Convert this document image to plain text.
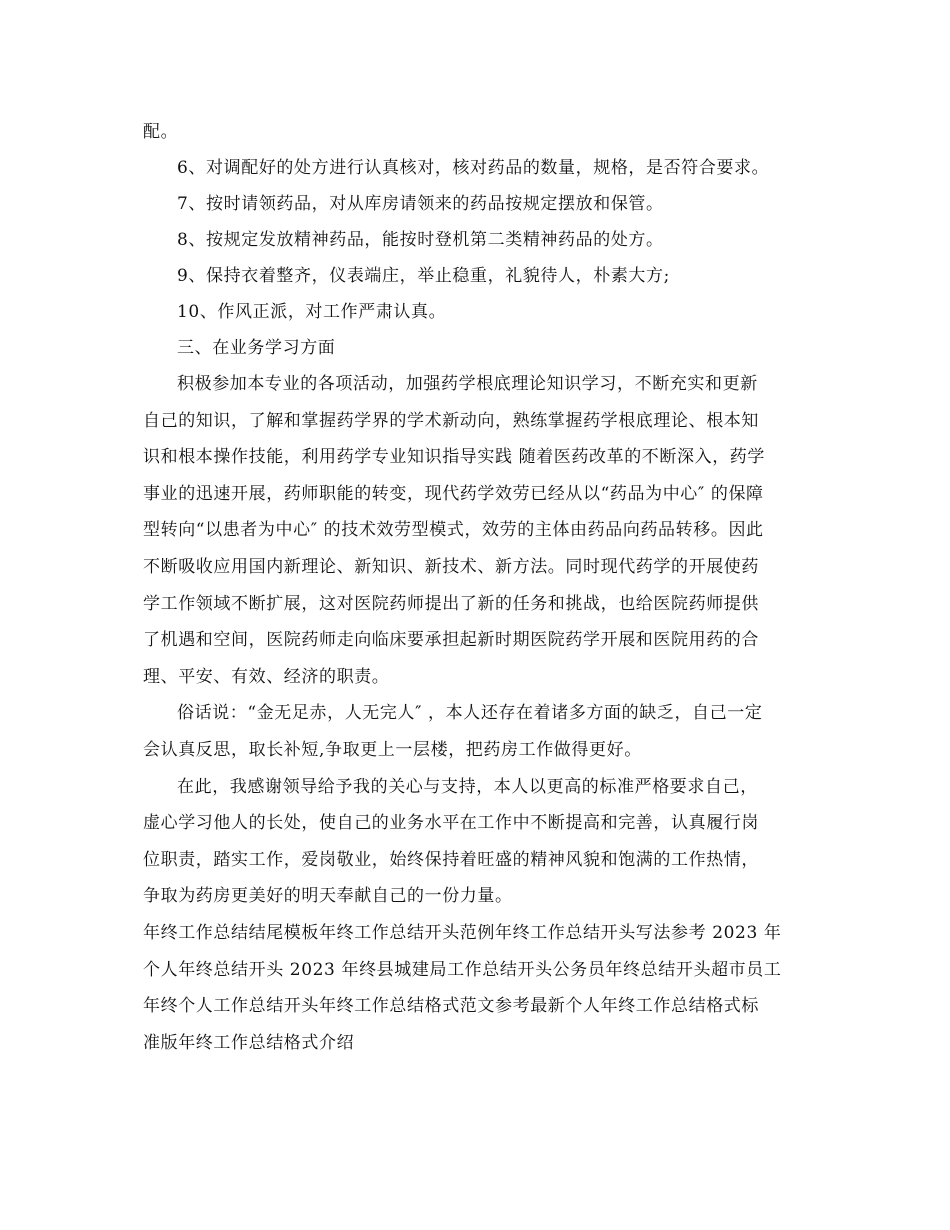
配。
6、对调配好的处方进行认真核对，核对药品的数量，规格，是否符合要求。
7、按时请领药品，对从库房请领来的药品按规定摆放和保管。
8、按规定发放精神药品，能按时登机第二类精神药品的处方。
9、保持衣着整齐，仪表端庄，举止稳重，礼貌待人，朴素大方;
10、作风正派，对工作严肃认真。
三、在业务学习方面
积极参加本专业的各项活动，加强药学根底理论知识学习，不断充实和更新
自己的知识，了解和掌握药学界的学术新动向，熟练掌握药学根底理论、根本知
识和根本操作技能，利用药学专业知识指导实践 随着医药改革的不断深入，药学
事业的迅速开展，药师职能的转变，现代药学效劳已经从以“药品为中心″ 的保障
型转向“以患者为中心″ 的技术效劳型模式，效劳的主体由药品向药品转移。因此
不断吸收应用国内新理论、新知识、新技术、新方法。同时现代药学的开展使药
学工作领域不断扩展，这对医院药师提出了新的任务和挑战，也给医院药师提供
了机遇和空间，医院药师走向临床要承担起新时期医院药学开展和医院用药的合
理、平安、有效、经济的职责。
俗话说：“金无足赤，人无完人″ ，本人还存在着诸多方面的缺乏，自己一定
会认真反思，取长补短,争取更上一层楼，把药房工作做得更好。
在此，我感谢领导给予我的关心与支持，本人以更高的标准严格要求自己，
虚心学习他人的长处，使自己的业务水平在工作中不断提高和完善，认真履行岗
位职责，踏实工作，爱岗敬业，始终保持着旺盛的精神风貌和饱满的工作热情，
争取为药房更美好的明天奉献自己的一份力量。
年终工作总结结尾模板年终工作总结开头范例年终工作总结开头写法参考 2023 年
个人年终总结开头 2023 年终县城建局工作总结开头公务员年终总结开头超市员工
年终个人工作总结开头年终工作总结格式范文参考最新个人年终工作总结格式标
准版年终工作总结格式介绍
